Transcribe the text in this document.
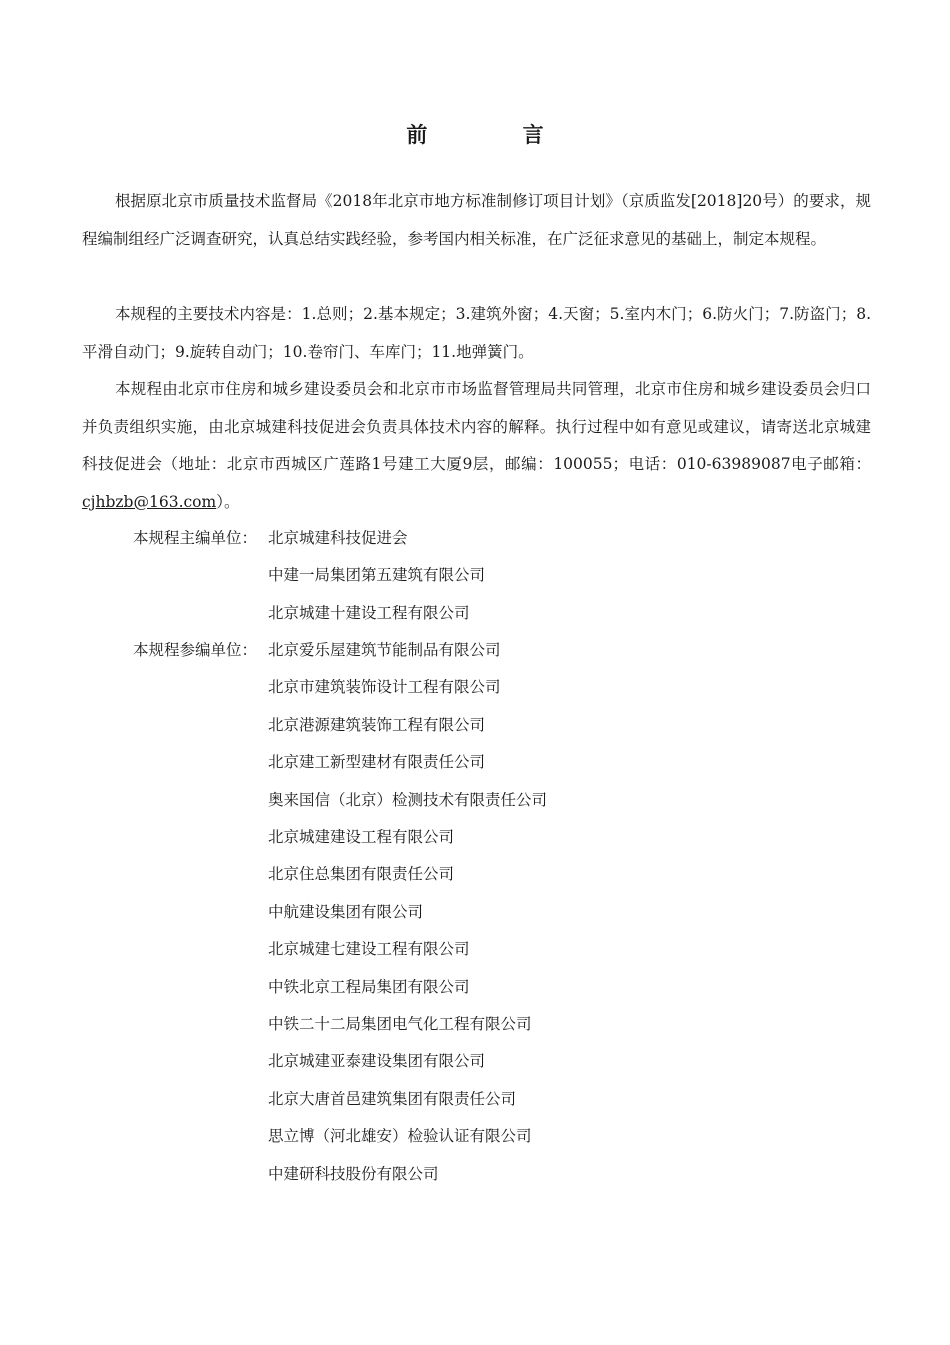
前 言

根据原北京市质量技术监督局《2018年北京市地方标准制修订项目计划》（京质监发[2018]20号）的要求，规程编制组经广泛调查研究，认真总结实践经验，参考国内相关标准，在广泛征求意见的基础上，制定本规程。

本规程的主要技术内容是：1.总则；2.基本规定；3.建筑外窗；4.天窗；5.室内木门；6.防火门；7.防盗门；8.平滑自动门；9.旋转自动门；10.卷帘门、车库门；11.地弹簧门。

本规程由北京市住房和城乡建设委员会和北京市市场监督管理局共同管理，北京市住房和城乡建设委员会归口并负责组织实施，由北京城建科技促进会负责具体技术内容的解释。执行过程中如有意见或建议，请寄送北京城建科技促进会（地址：北京市西城区广莲路1号建工大厦9层，邮编：100055；电话：010-63989087电子邮箱：cjhbzb@163.com）。

本规程主编单位： 北京城建科技促进会
中建一局集团第五建筑有限公司
北京城建十建设工程有限公司
本规程参编单位： 北京爱乐屋建筑节能制品有限公司
北京市建筑装饰设计工程有限公司
北京港源建筑装饰工程有限公司
北京建工新型建材有限责任公司
奥来国信（北京）检测技术有限责任公司
北京城建建设工程有限公司
北京住总集团有限责任公司
中航建设集团有限公司
北京城建七建设工程有限公司
中铁北京工程局集团有限公司
中铁二十二局集团电气化工程有限公司
北京城建亚泰建设集团有限公司
北京大唐首邑建筑集团有限责任公司
思立博（河北雄安）检验认证有限公司
中建研科技股份有限公司
